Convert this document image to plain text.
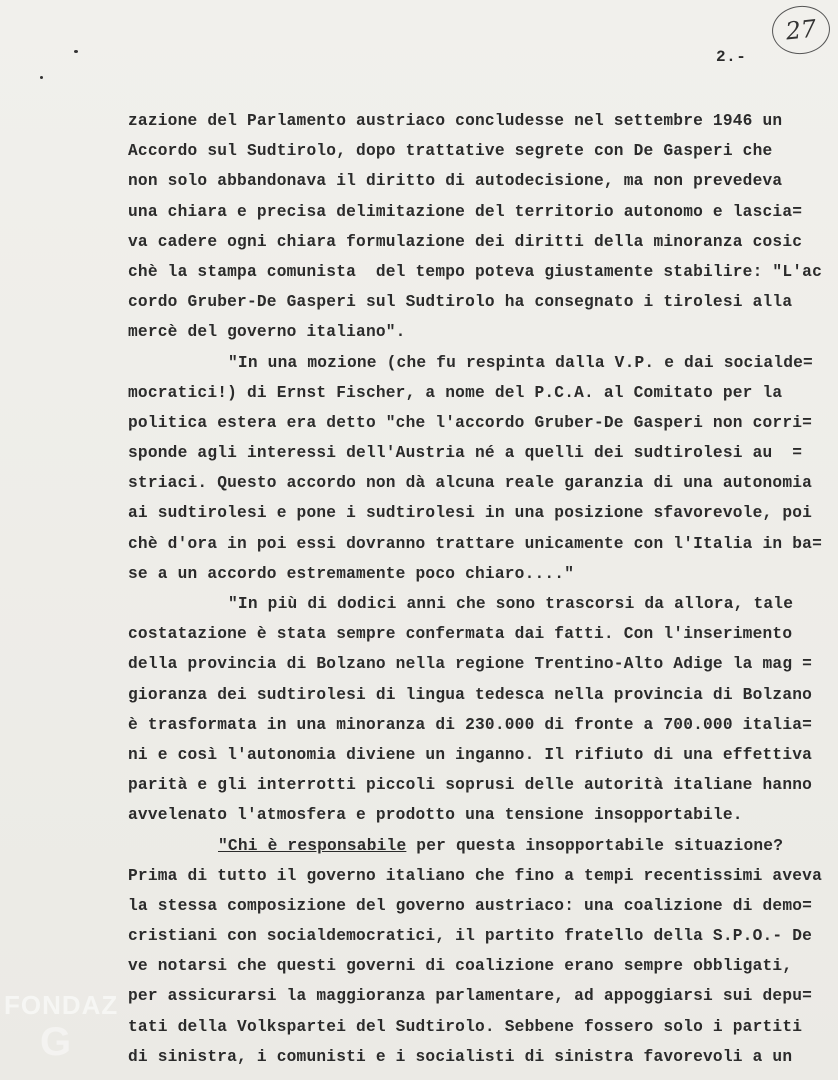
27
2.-
zazione del Parlamento austriaco concludesse nel settembre 1946 un
Accordo sul Sudtirolo, dopo trattative segrete con De Gasperi che
non solo abbandonava il diritto di autodecisione, ma non prevedeva
una chiara e precisa delimitazione del territorio autonomo e lascia=
va cadere ogni chiara formulazione dei diritti della minoranza cosic
chè la stampa comunista  del tempo poteva giustamente stabilire: "L'ac
cordo Gruber-De Gasperi sul Sudtirolo ha consegnato i tirolesi alla
mercè del governo italiano".
"In una mozione (che fu respinta dalla V.P. e dai socialde=
mocratici!) di Ernst Fischer, a nome del P.C.A. al Comitato per la
politica estera era detto "che l'accordo Gruber-De Gasperi non corri=
sponde agli interessi dell'Austria né a quelli dei sudtirolesi au  =
striaci. Questo accordo non dà alcuna reale garanzia di una autonomia
ai sudtirolesi e pone i sudtirolesi in una posizione sfavorevole, poi
chè d'ora in poi essi dovranno trattare unicamente con l'Italia in ba=
se a un accordo estremamente poco chiaro...."
"In più di dodici anni che sono trascorsi da allora, tale
costatazione è stata sempre confermata dai fatti. Con l'inserimento
della provincia di Bolzano nella regione Trentino-Alto Adige la mag =
gioranza dei sudtirolesi di lingua tedesca nella provincia di Bolzano
è trasformata in una minoranza di 230.000 di fronte a 700.000 italia=
ni e così l'autonomia diviene un inganno. Il rifiuto di una effettiva
parità e gli interrotti piccoli soprusi delle autorità italiane hanno
avvelenato l'atmosfera e prodotto una tensione insopportabile.
"Chi è responsabile per questa insopportabile situazione?
Prima di tutto il governo italiano che fino a tempi recentissimi aveva
la stessa composizione del governo austriaco: una coalizione di demo=
cristiani con socialdemocratici, il partito fratello della S.P.O.- De
ve notarsi che questi governi di coalizione erano sempre obbligati,
per assicurarsi la maggioranza parlamentare, ad appoggiarsi sui depu=
tati della Volkspartei del Sudtirolo. Sebbene fossero solo i partiti
di sinistra, i comunisti e i socialisti di sinistra favorevoli a un
FONDAZ
G
